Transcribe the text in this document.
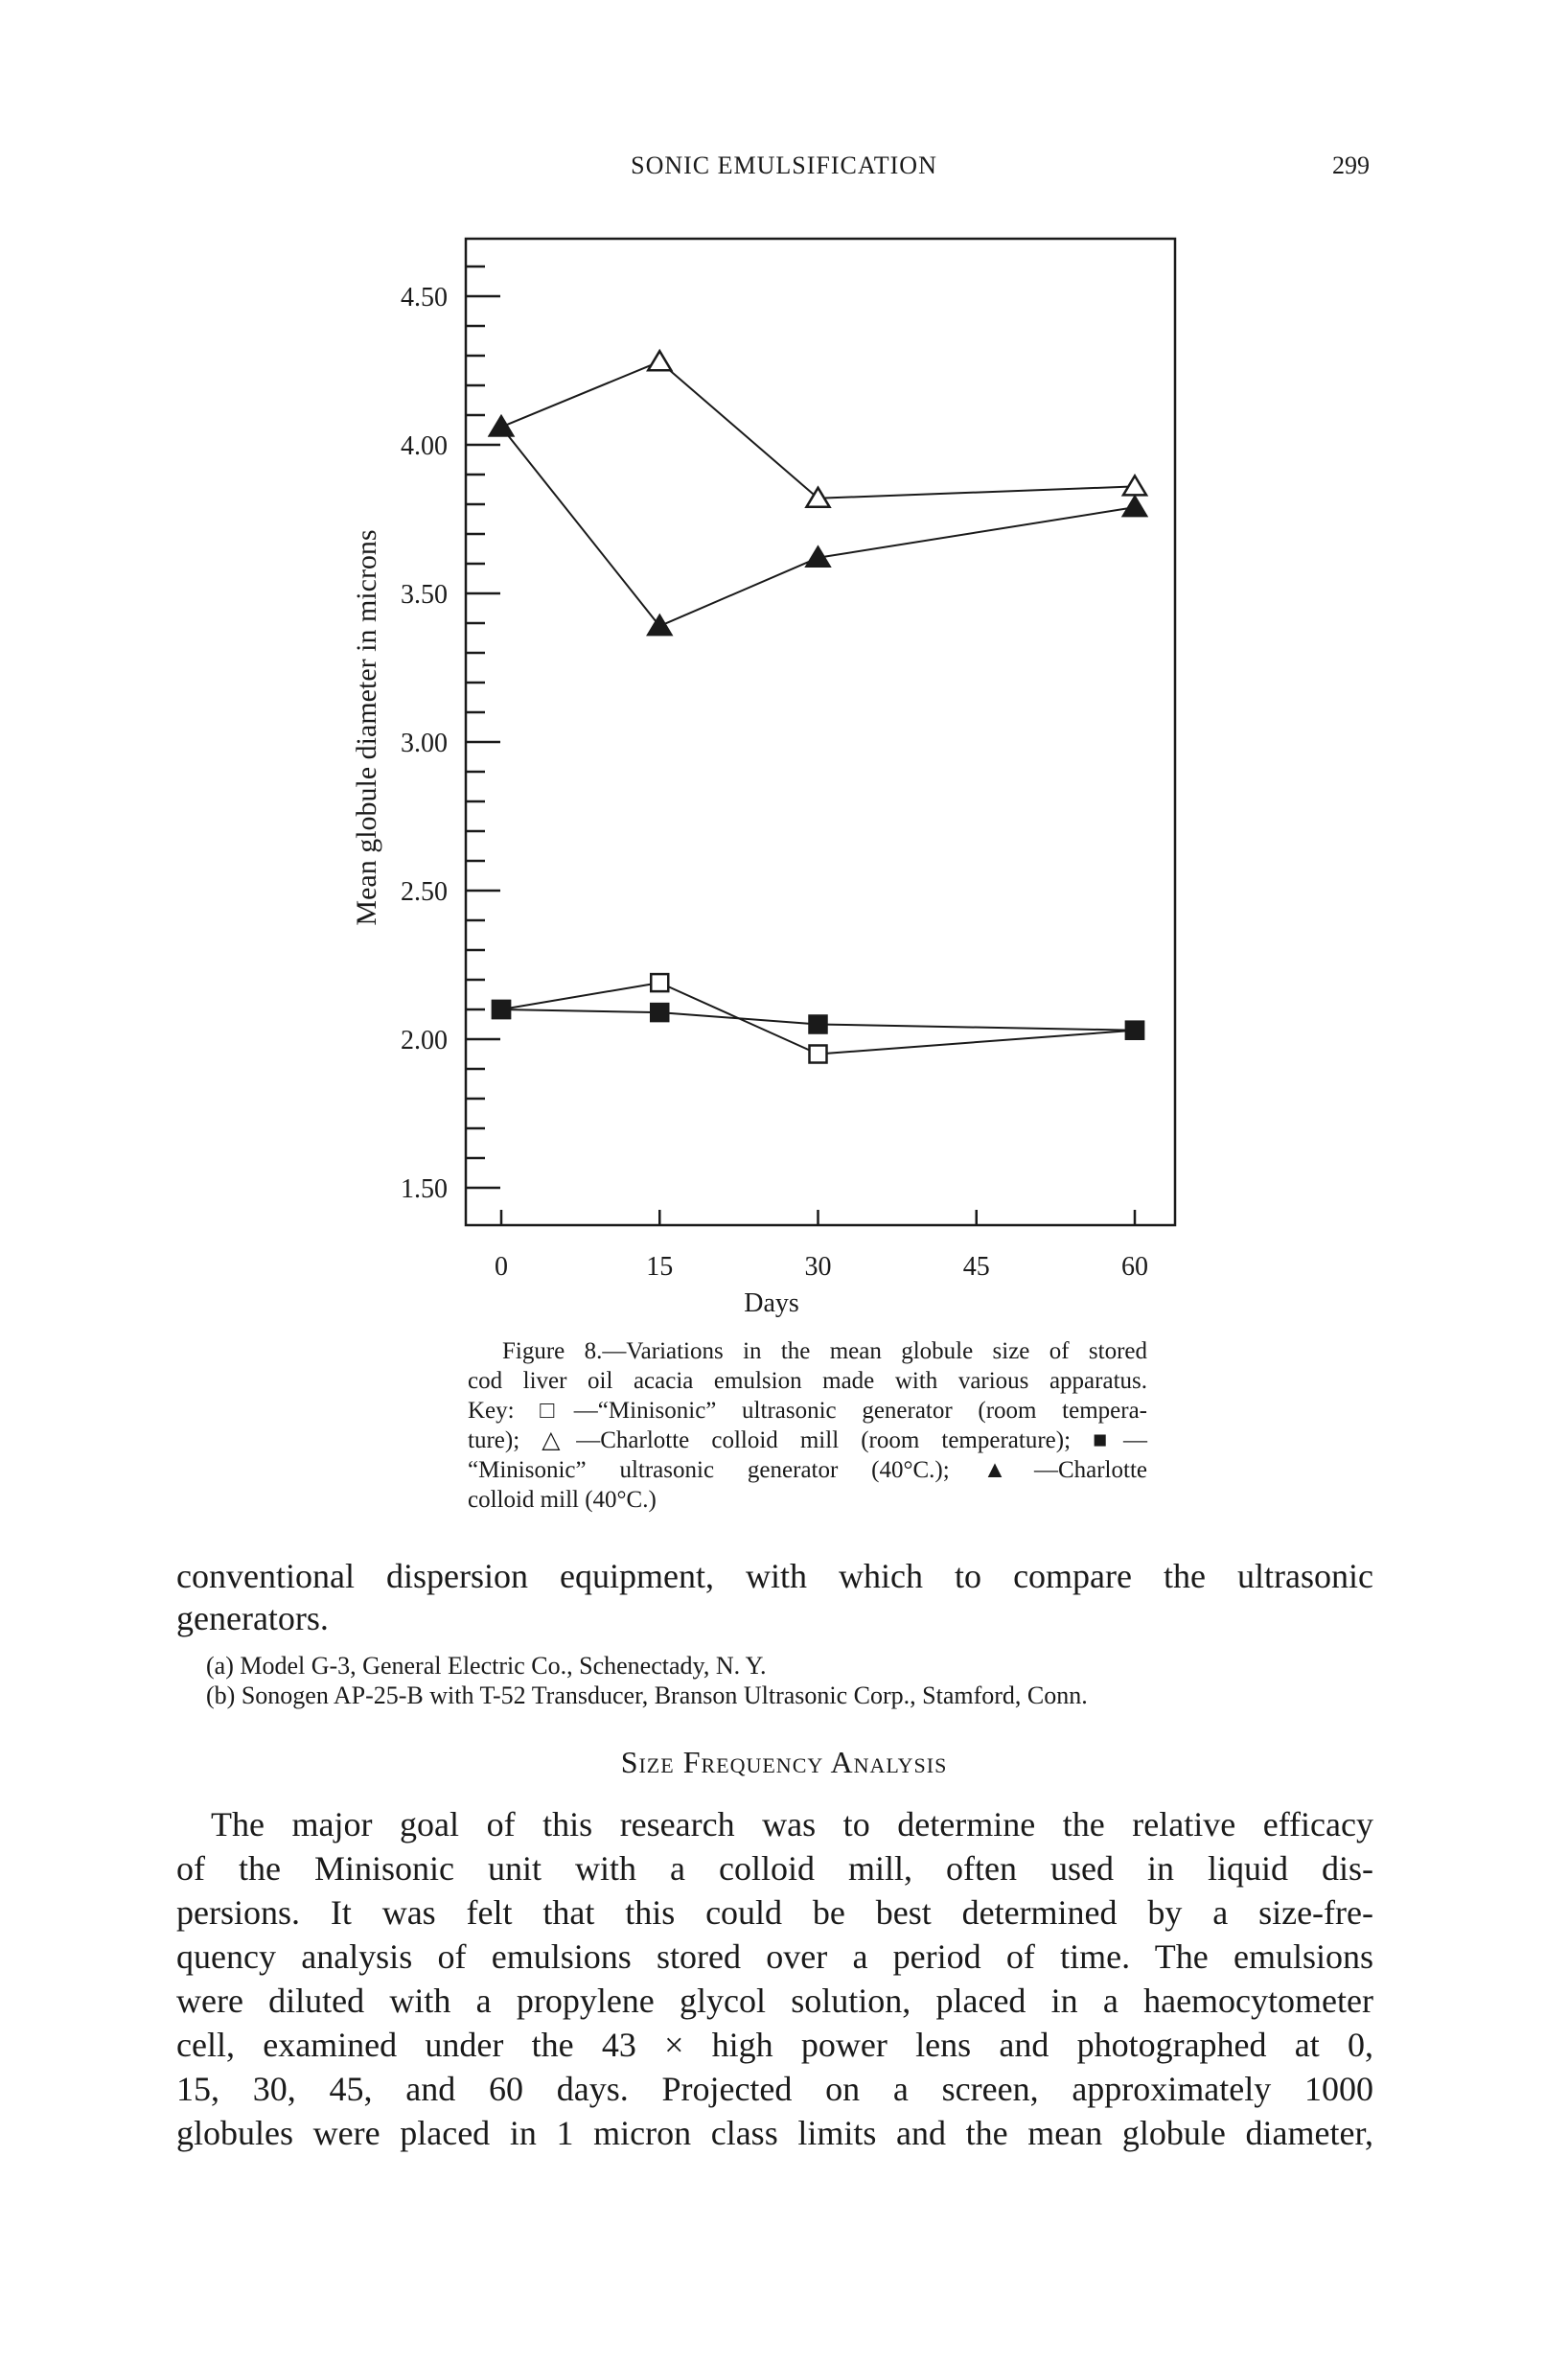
SONIC EMULSIFICATION	299
1.50
2.00
2.50
3.00
3.50
4.00
4.50
0	15	30	45	60
Days
Mean globule diameter in microns
Figure 8.—Variations in the mean globule size of stored
cod liver oil acacia emulsion made with various apparatus.
Key: □—“Minisonic” ultrasonic generator (room tempera-
ture); △—Charlotte colloid mill (room temperature); ■—
“Minisonic” ultrasonic generator (40°C.); ▲—Charlotte
colloid mill (40°C.)
conventional dispersion equipment, with which to compare the ultrasonic
generators.
(a) Model G-3, General Electric Co., Schenectady, N. Y.
(b) Sonogen AP-25-B with T-52 Transducer, Branson Ultrasonic Corp., Stamford, Conn.
Size Frequency Analysis
The major goal of this research was to determine the relative efficacy
of the Minisonic unit with a colloid mill, often used in liquid dis-
persions. It was felt that this could be best determined by a size-fre-
quency analysis of emulsions stored over a period of time. The emulsions
were diluted with a propylene glycol solution, placed in a haemocytometer
cell, examined under the 43 × high power lens and photographed at 0,
15, 30, 45, and 60 days. Projected on a screen, approximately 1000
globules were placed in 1 micron class limits and the mean globule diameter,
